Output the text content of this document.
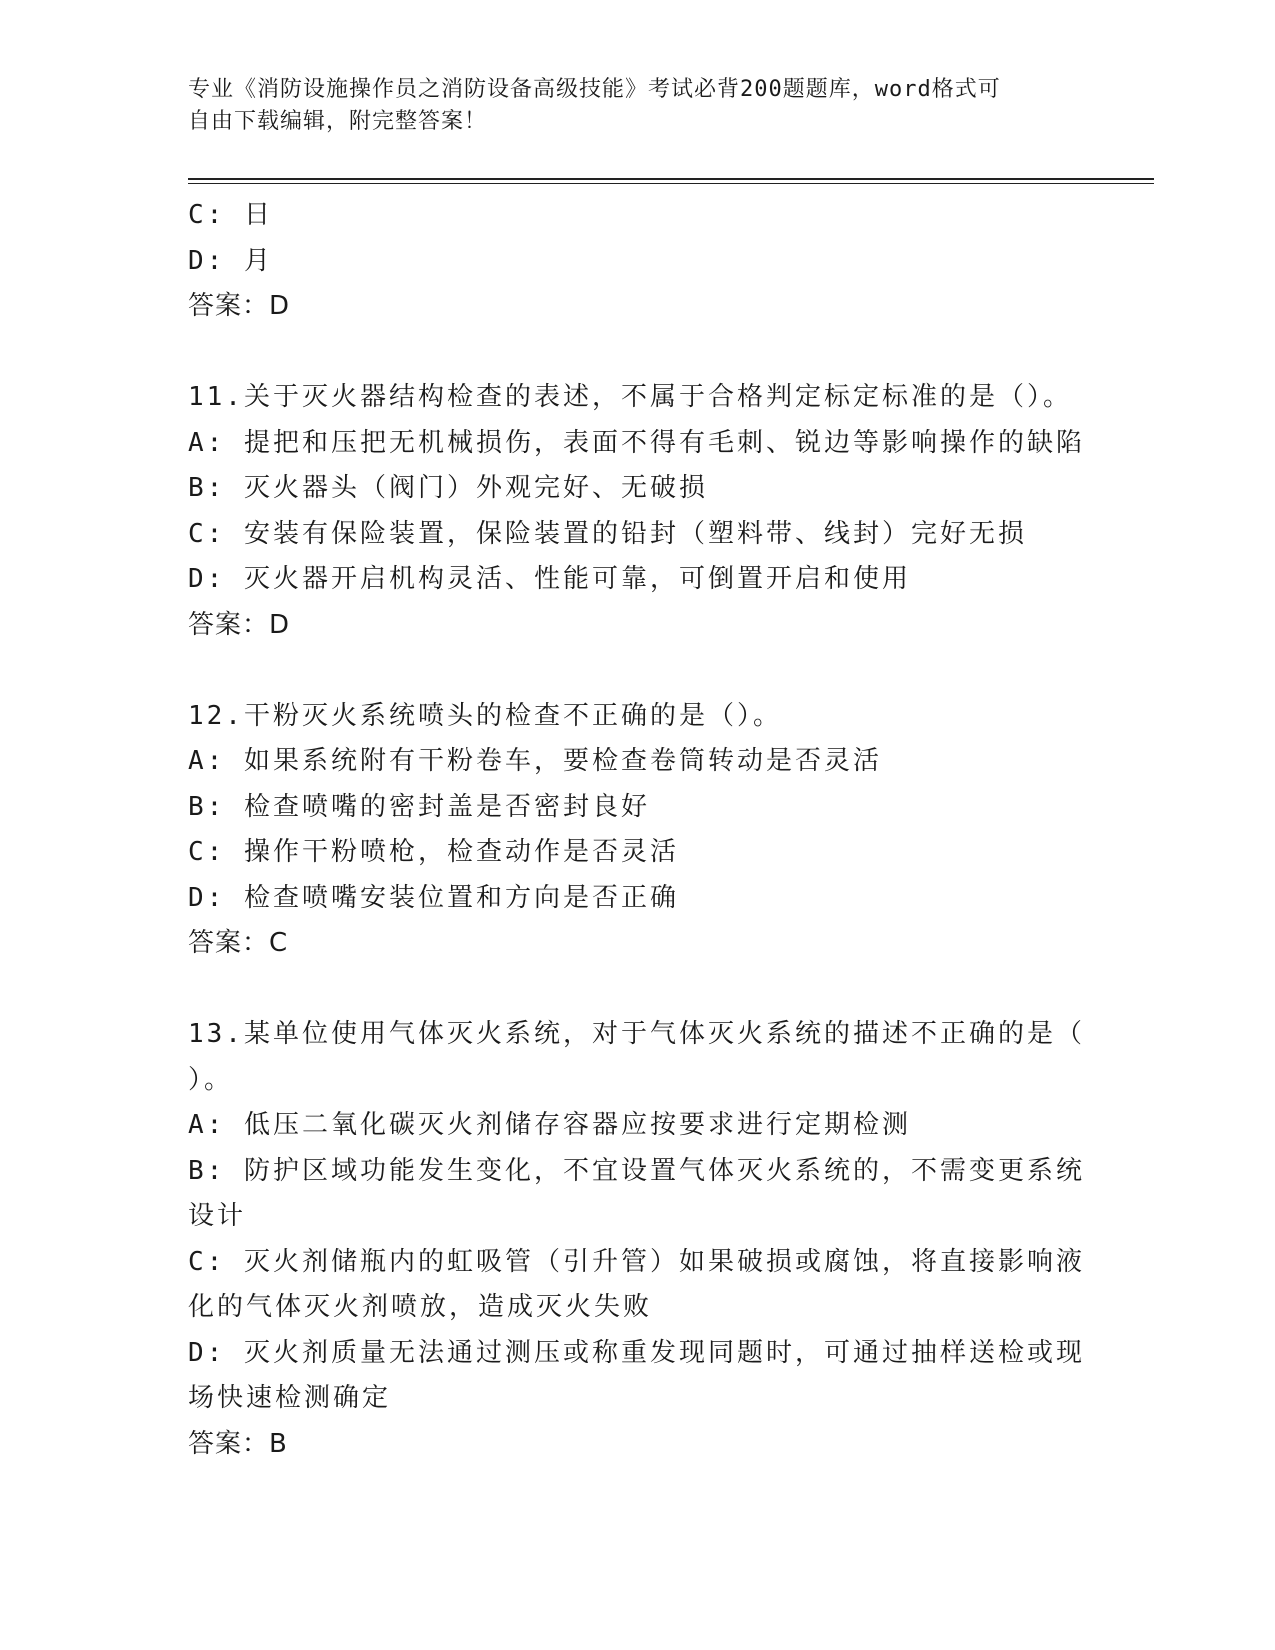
专业《消防设施操作员之消防设备高级技能》考试必背200题题库，word格式可
自由下载编辑，附完整答案！
C: 日
D: 月
答案：D
11.关于灭火器结构检查的表述，不属于合格判定标定标准的是（）。
A: 提把和压把无机械损伤，表面不得有毛刺、锐边等影响操作的缺陷
B: 灭火器头（阀门）外观完好、无破损
C: 安装有保险装置，保险装置的铅封（塑料带、线封）完好无损
D: 灭火器开启机构灵活、性能可靠，可倒置开启和使用
答案：D
12.干粉灭火系统喷头的检查不正确的是（）。
A: 如果系统附有干粉卷车，要检查卷筒转动是否灵活
B: 检查喷嘴的密封盖是否密封良好
C: 操作干粉喷枪，检查动作是否灵活
D: 检查喷嘴安装位置和方向是否正确
答案：C
13.某单位使用气体灭火系统，对于气体灭火系统的描述不正确的是（
）。
A: 低压二氧化碳灭火剂储存容器应按要求进行定期检测
B: 防护区域功能发生变化，不宜设置气体灭火系统的，不需变更系统
设计
C: 灭火剂储瓶内的虹吸管（引升管）如果破损或腐蚀，将直接影响液
化的气体灭火剂喷放，造成灭火失败
D: 灭火剂质量无法通过测压或称重发现同题时，可通过抽样送检或现
场快速检测确定
答案：B
